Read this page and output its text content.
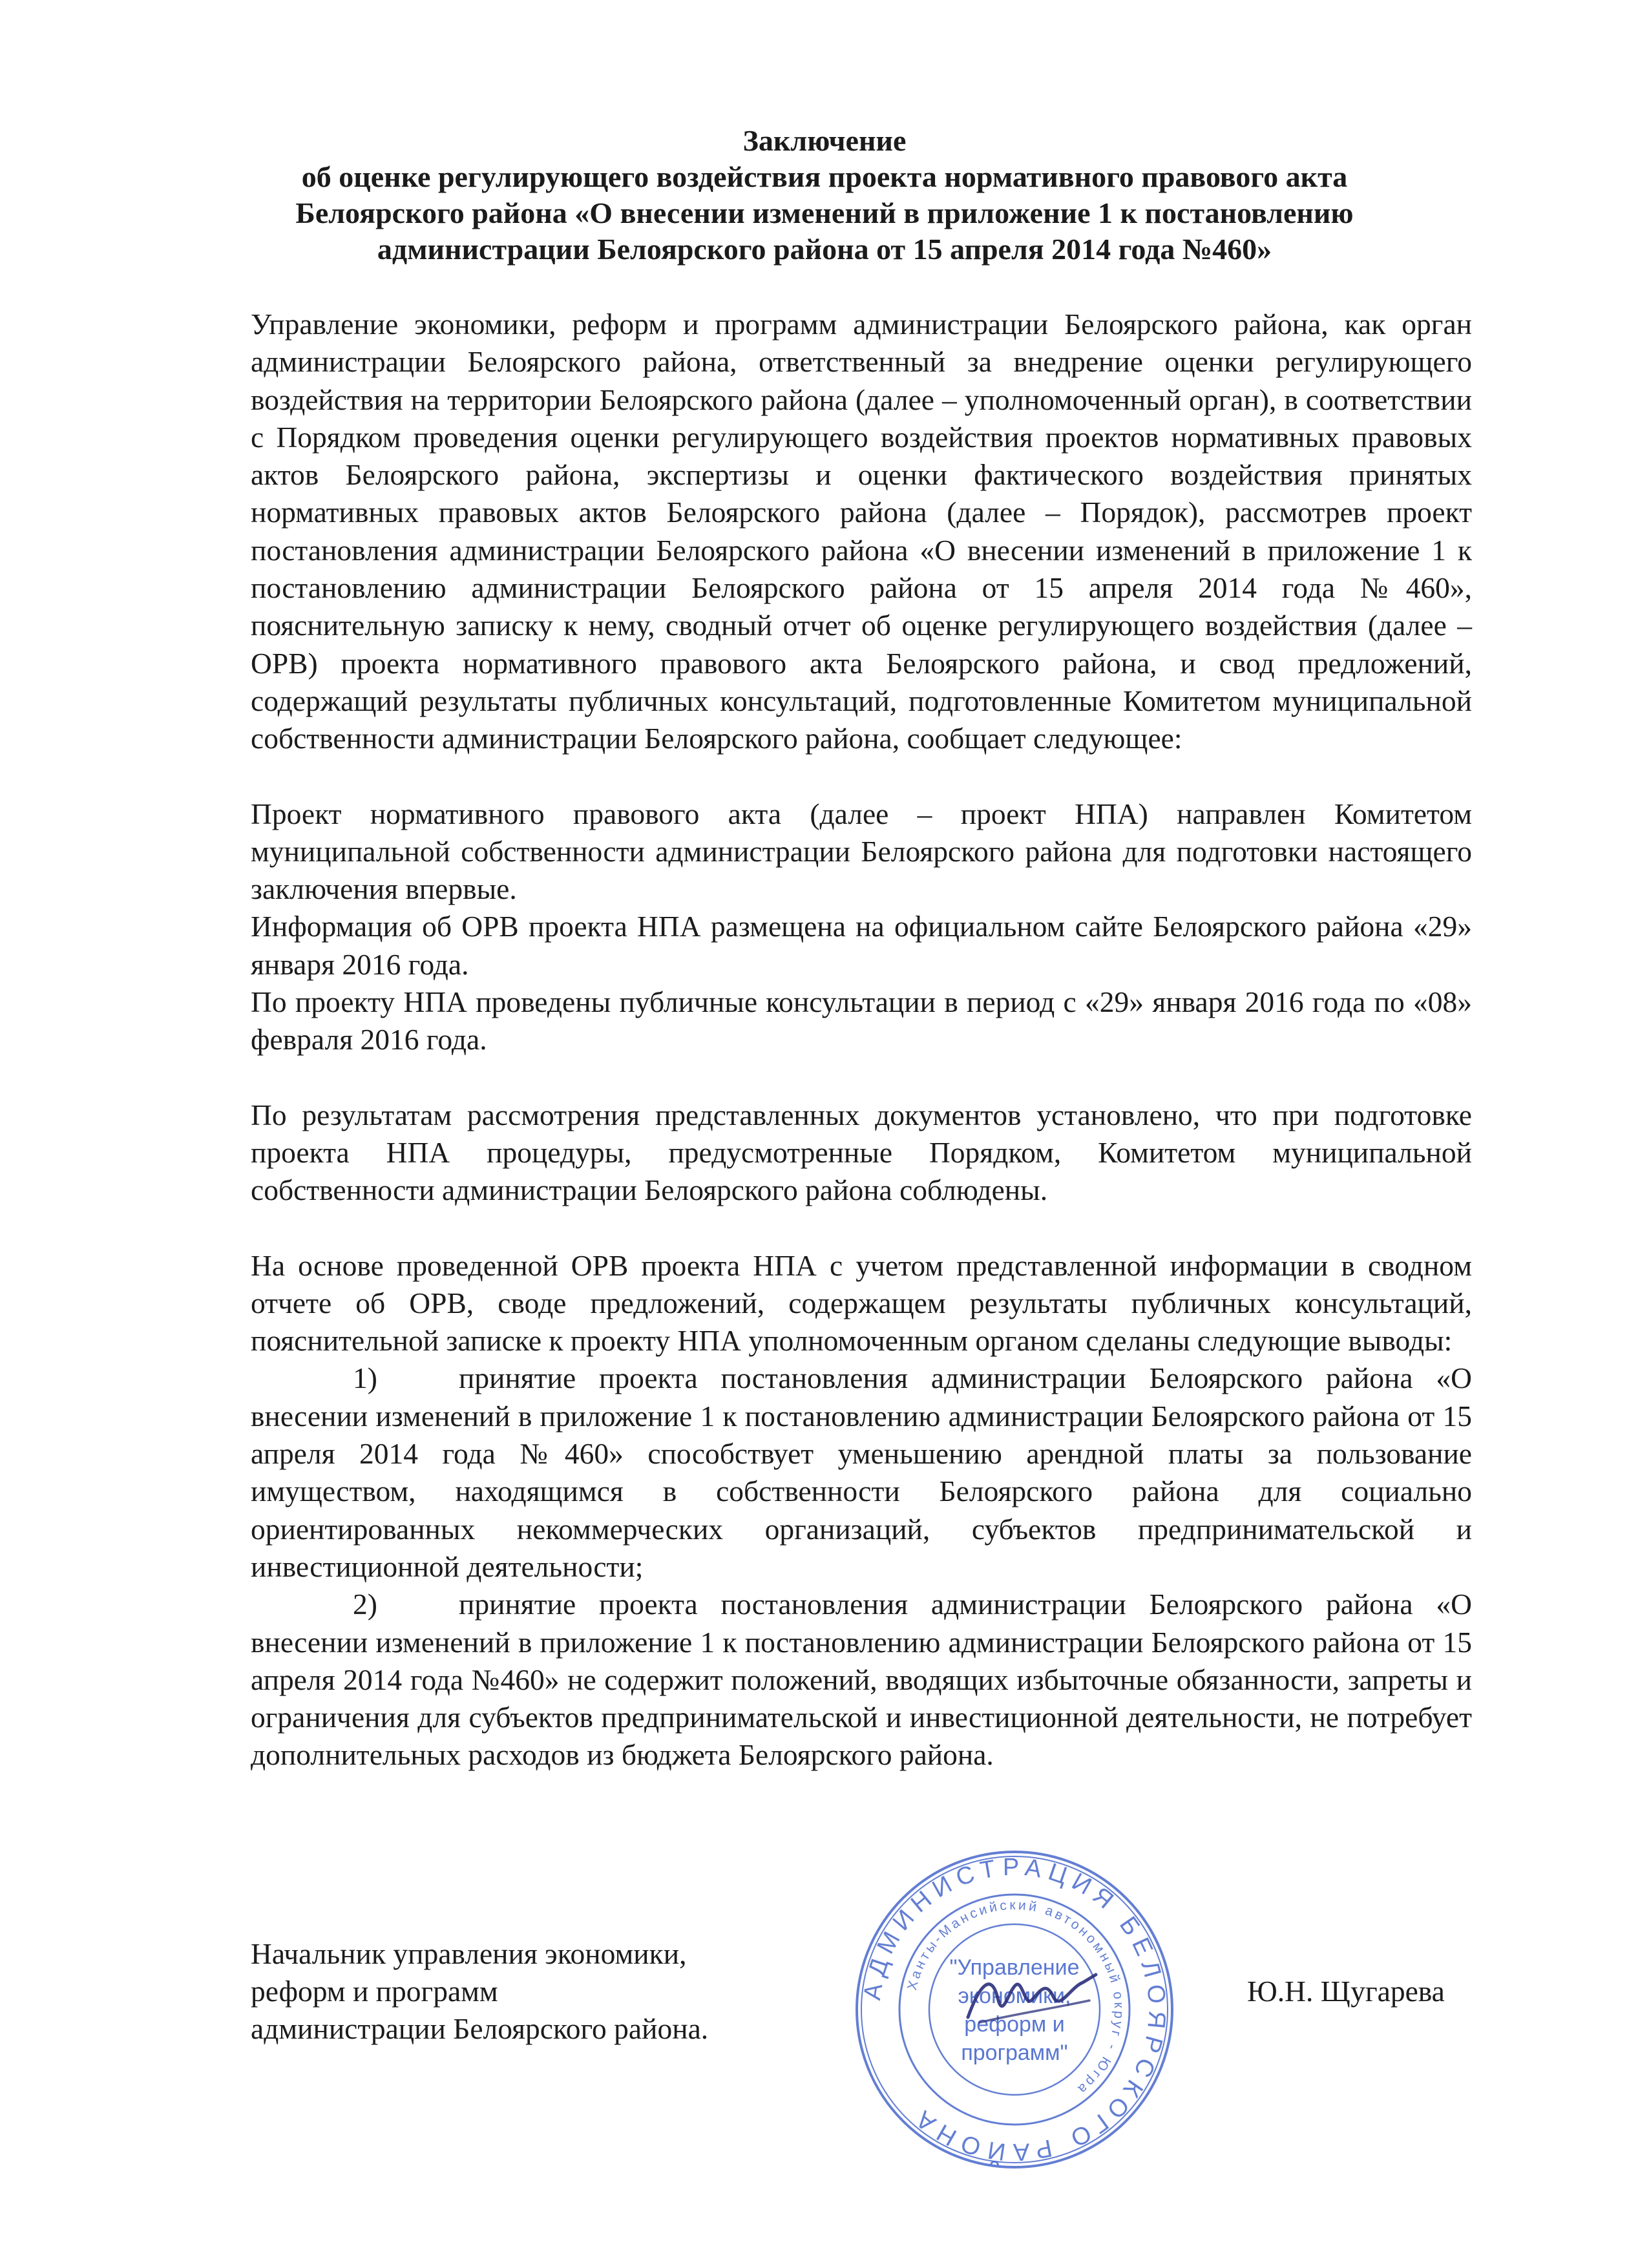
Заключение
об оценке регулирующего воздействия проекта нормативного правового акта
Белоярского района «О внесении изменений в приложение 1 к постановлению
администрации Белоярского района от 15 апреля 2014 года №460»

Управление экономики, реформ и программ администрации Белоярского района, как орган администрации Белоярского района, ответственный за внедрение оценки регулирующего воздействия на территории Белоярского района (далее – уполномоченный орган), в соответствии с Порядком проведения оценки регулирующего воздействия проектов нормативных правовых актов Белоярского района, экспертизы и оценки фактического воздействия принятых нормативных правовых актов Белоярского района (далее – Порядок), рассмотрев проект постановления администрации Белоярского района «О внесении изменений в приложение 1 к постановлению администрации Белоярского района от 15 апреля 2014 года №460», пояснительную записку к нему, сводный отчет об оценке регулирующего воздействия (далее – ОРВ) проекта нормативного правового акта Белоярского района, и свод предложений, содержащий результаты публичных консультаций, подготовленные Комитетом муниципальной собственности администрации Белоярского района, сообщает следующее:

Проект нормативного правового акта (далее – проект НПА) направлен Комитетом муниципальной собственности администрации Белоярского района для подготовки настоящего заключения впервые.

Информация об ОРВ проекта НПА размещена на официальном сайте Белоярского района «29» января 2016 года.

По проекту НПА проведены публичные консультации в период с «29» января 2016 года по «08» февраля 2016 года.

По результатам рассмотрения представленных документов установлено, что при подготовке проекта НПА процедуры, предусмотренные Порядком, Комитетом муниципальной собственности администрации Белоярского района соблюдены.

На основе проведенной ОРВ проекта НПА с учетом представленной информации в сводном отчете об ОРВ, своде предложений, содержащем результаты публичных консультаций, пояснительной записке к проекту НПА уполномоченным органом сделаны следующие выводы:

1)	принятие проекта постановления администрации Белоярского района «О внесении изменений в приложение 1 к постановлению администрации Белоярского района от 15 апреля 2014 года №460» способствует уменьшению арендной платы за пользование имуществом, находящимся в собственности Белоярского района для социально ориентированных некоммерческих организаций, субъектов предпринимательской и инвестиционной деятельности;

2)	принятие проекта постановления администрации Белоярского района «О внесении изменений в приложение 1 к постановлению администрации Белоярского района от 15 апреля 2014 года №460» не содержит положений, вводящих избыточные обязанности, запреты и ограничения для субъектов предпринимательской и инвестиционной деятельности, не потребует дополнительных расходов из бюджета Белоярского района.

Начальник управления экономики,
реформ и программ
администрации Белоярского района.
Ю.Н. Щугарева
АДМИНИСТРАЦИЯ БЕЛОЯРСКОГО РАЙОНА
Ханты-Мансийский автономный округ - Югра
"Управление
экономики,
реформ и
программ"
